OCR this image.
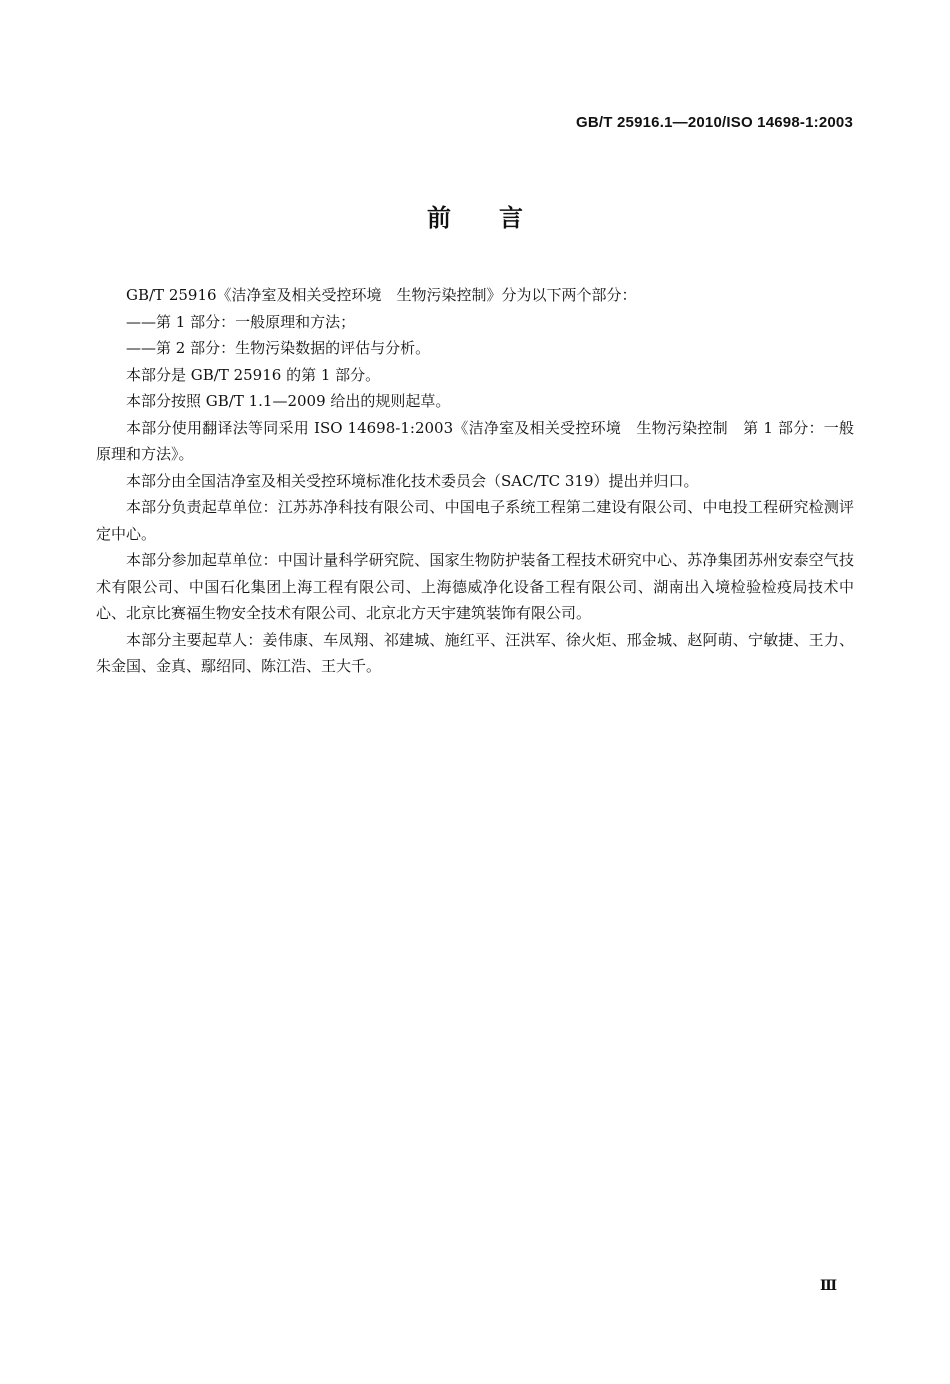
GB/T 25916.1—2010/ISO 14698-1:2003
前言

GB/T 25916《洁净室及相关受控环境　生物污染控制》分为以下两个部分：

——第 1 部分：一般原理和方法；

——第 2 部分：生物污染数据的评估与分析。

本部分是 GB/T 25916 的第 1 部分。

本部分按照 GB/T 1.1—2009 给出的规则起草。

本部分使用翻译法等同采用 ISO 14698-1:2003《洁净室及相关受控环境　生物污染控制　第 1 部分：一般原理和方法》。

本部分由全国洁净室及相关受控环境标准化技术委员会（SAC/TC 319）提出并归口。

本部分负责起草单位：江苏苏净科技有限公司、中国电子系统工程第二建设有限公司、中电投工程研究检测评定中心。

本部分参加起草单位：中国计量科学研究院、国家生物防护装备工程技术研究中心、苏净集团苏州安泰空气技术有限公司、中国石化集团上海工程有限公司、上海德威净化设备工程有限公司、湖南出入境检验检疫局技术中心、北京比赛福生物安全技术有限公司、北京北方天宇建筑装饰有限公司。

本部分主要起草人：姜伟康、车凤翔、祁建城、施红平、汪洪军、徐火炬、邢金城、赵阿萌、宁敏捷、王力、朱金国、金真、鄢绍同、陈江浩、王大千。

Ⅲ
